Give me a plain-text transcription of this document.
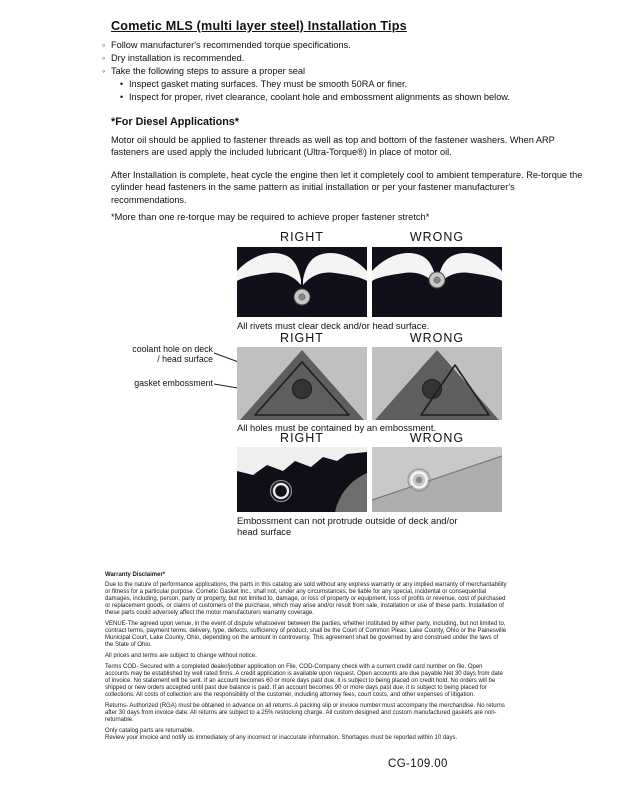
Cometic MLS (multi layer steel) Installation Tips
◦ Follow manufacturer's recommended torque specifications.
◦ Dry installation is recommended.
◦ Take the following steps to assure a proper seal
• Inspect gasket mating surfaces. They must be smooth 50RA or finer.
• Inspect for proper, rivet clearance, coolant hole and embossment alignments as shown below.
*For Diesel Applications*
Motor oil should be applied to fastener threads as well as top and bottom of the fastener washers. When ARP fasteners are used apply the included lubricant (Ultra-Torque®) in place of motor oil.
After Installation is complete, heat cycle the engine then let it completely cool to ambient temperature. Re-torque the cylinder head fasteners in the same pattern as initial installation or per your fastener manufacturer's recommendations.
*More than one re-torque may be required to achieve proper fastener stretch*
RIGHT	WRONG
All rivets must clear deck and/or head surface.
RIGHT	WRONG
coolant hole on deck / head surface
gasket embossment
All holes must be contained by an embossment.
RIGHT	WRONG
Embossment can not protrude outside of deck and/or head surface

Warranty Disclaimer*

Due to the nature of performance applications, the parts in this catalog are sold without any express warranty or any implied warranty of merchantability or fitness for a particular purpose. Cometic Gasket Inc., shall not, under any circumstances, be liable for any special, incidental or consequential damages, including, person, party or property, but not limited to, damage, or loss of property or equipment, loss of profits or revenue, cost of purchased or replacement goods, or claims of customers of the purchase, which may arise and/or result from sale, installation or use of these parts. Installation of these parts could adversely affect the motor manufacturers warranty coverage.

VENUE-The agreed upon venue, in the event of dispute whatsoever between the parties, whether instituted by either party, including, but not limited to, contract terms, payment terms, delivery, type, defects, sufficiency of product, shall be the Court of Common Pleas, Lake County, Ohio or the Painesville Municipal Court, Lake County, Ohio, depending on the amount in controversy. This agreement shall be governed by and construed under the laws of the State of Ohio.

All prices and terms are subject to change without notice.

Terms COD- Secured with a completed dealer/jobber application on File, COD-Company check with a current credit card number on file. Open accounts may be established by well rated firms. A credit application is available upon request. Open accounts are due payable Net 30 days from date of invoice. No statement will be sent. If an account becomes 60 or more days past due, it is subject to being placed on credit hold. No orders will be shipped or new orders accepted until past due balance is paid. If an account becomes 90 or more days past due, it is subject to being placed for collections. All costs of collection are the responsibility of the customer, including attorney fees, court costs, and other expenses of litigation.

Returns- Authorized (RGA) must be obtained in advance on all returns. A packing slip or invoice number must accompany the merchandise. No returns after 30 days from invoice date. All returns are subject to a 25% restocking charge. All custom designed and custom manufactured gaskets are non-returnable.

Only catalog parts are returnable.

Review your invoice and notify us immediately of any incorrect or inaccurate information. Shortages must be reported within 10 days.

CG-109.00
